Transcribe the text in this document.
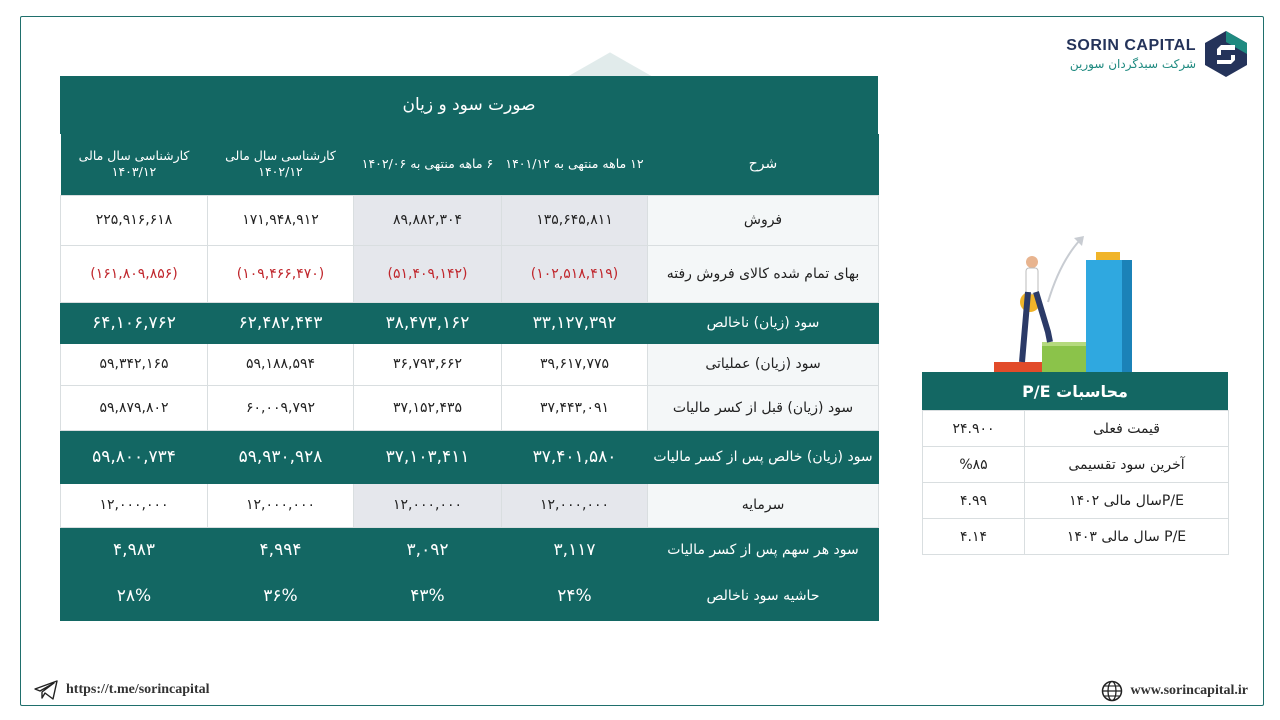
SORIN CAPITAL
شرکت سبدگردان سورین
صورت سود و زیان
شرح	۱۲ ماهه منتهی به ۱۴۰۱/۱۲	۶ ماهه منتهی به ۱۴۰۲/۰۶	کارشناسی سال مالی ۱۴۰۲/۱۲	کارشناسی سال مالی ۱۴۰۳/۱۲
فروش	۱۳۵,۶۴۵,۸۱۱	۸۹,۸۸۲,۳۰۴	۱۷۱,۹۴۸,۹۱۲	۲۲۵,۹۱۶,۶۱۸
بهای تمام شده کالای فروش رفته	(۱۰۲,۵۱۸,۴۱۹)	(۵۱,۴۰۹,۱۴۲)	(۱۰۹,۴۶۶,۴۷۰)	(۱۶۱,۸۰۹,۸۵۶)
سود (زیان) ناخالص	۳۳,۱۲۷,۳۹۲	۳۸,۴۷۳,۱۶۲	۶۲,۴۸۲,۴۴۳	۶۴,۱۰۶,۷۶۲
سود (زیان) عملیاتی	۳۹,۶۱۷,۷۷۵	۳۶,۷۹۳,۶۶۲	۵۹,۱۸۸,۵۹۴	۵۹,۳۴۲,۱۶۵
سود (زیان) قبل از کسر مالیات	۳۷,۴۴۳,۰۹۱	۳۷,۱۵۲,۴۳۵	۶۰,۰۰۹,۷۹۲	۵۹,۸۷۹,۸۰۲
سود (زیان) خالص پس از کسر مالیات	۳۷,۴۰۱,۵۸۰	۳۷,۱۰۳,۴۱۱	۵۹,۹۳۰,۹۲۸	۵۹,۸۰۰,۷۳۴
سرمایه	۱۲,۰۰۰,۰۰۰	۱۲,۰۰۰,۰۰۰	۱۲,۰۰۰,۰۰۰	۱۲,۰۰۰,۰۰۰
سود هر سهم پس از کسر مالیات	۳,۱۱۷	۳,۰۹۲	۴,۹۹۴	۴,۹۸۳
حاشیه سود ناخالص	۲۴%	۴۳%	۳۶%	۲۸%
محاسبات P/E
قیمت فعلی	۲۴.۹۰۰
آخرین سود تقسیمی	%۸۵
P/Eسال مالی ۱۴۰۲	۴.۹۹
P/E سال مالی ۱۴۰۳	۴.۱۴
https://t.me/sorincapital	www.sorincapital.ir
